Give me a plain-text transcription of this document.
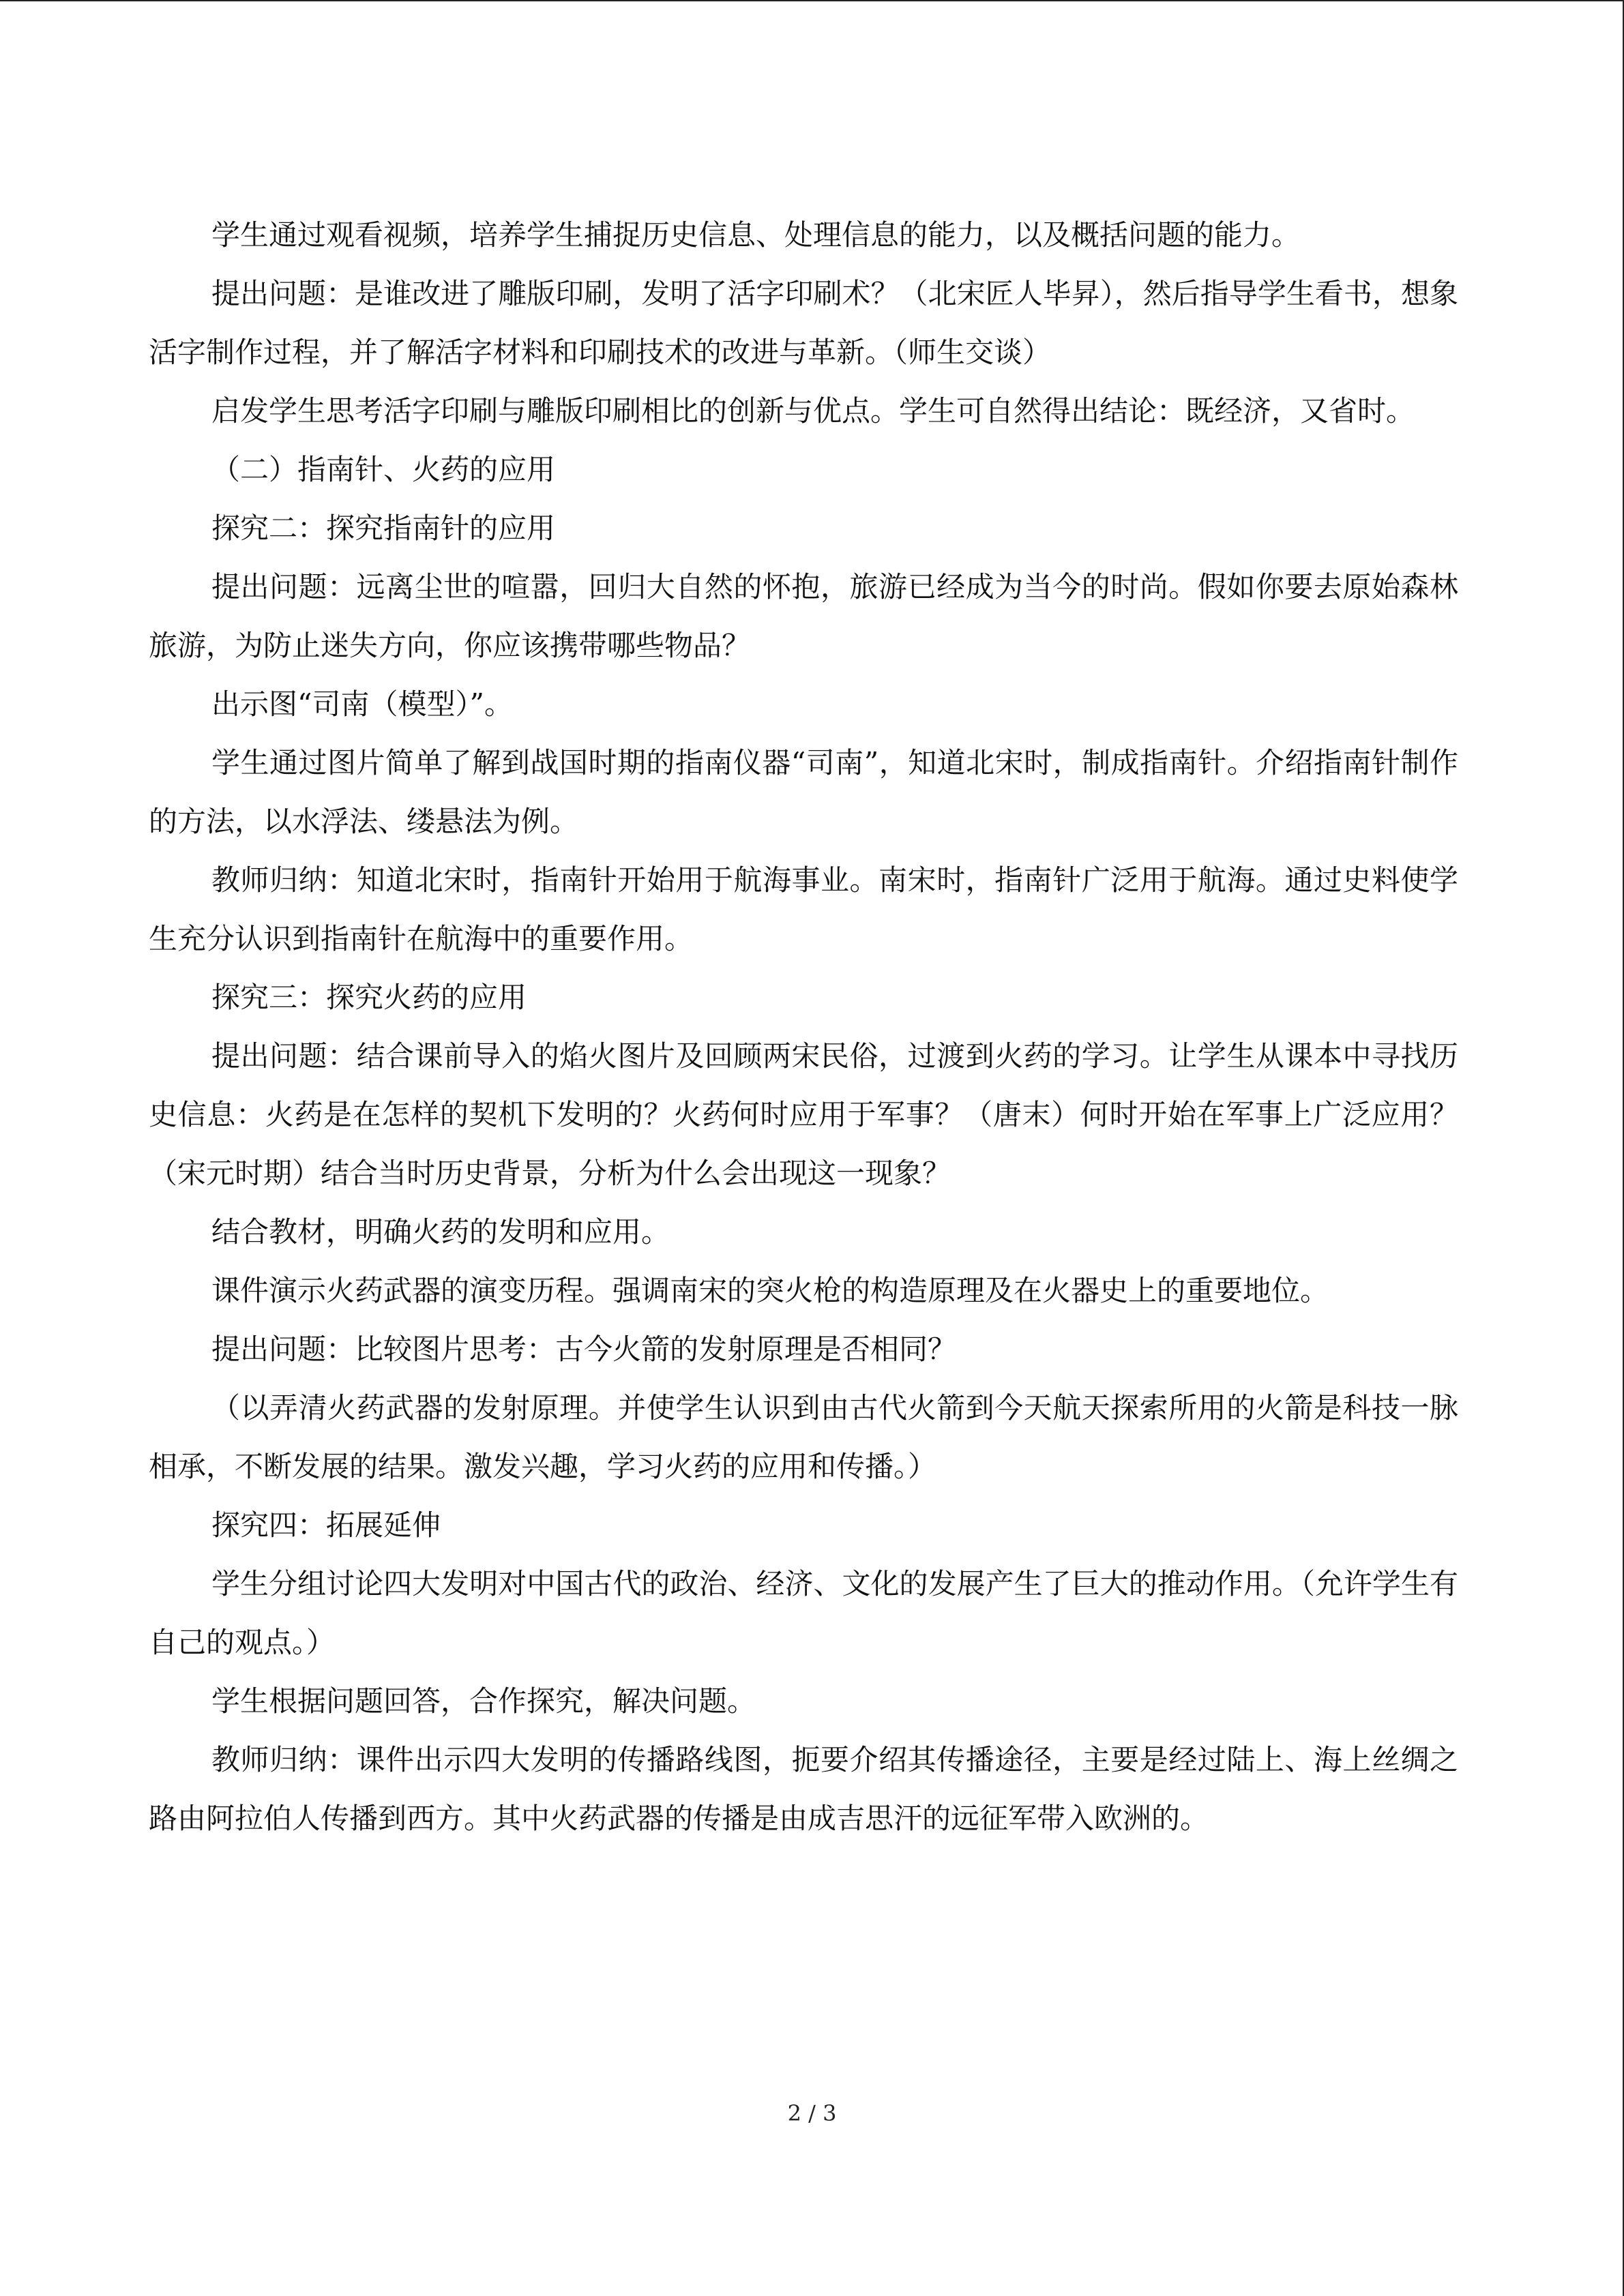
学生通过观看视频，培养学生捕捉历史信息、处理信息的能力，以及概括问题的能力。

提出问题：是谁改进了雕版印刷，发明了活字印刷术？（北宋匠人毕昇），然后指导学生看书，想象活字制作过程，并了解活字材料和印刷技术的改进与革新。（师生交谈）

启发学生思考活字印刷与雕版印刷相比的创新与优点。学生可自然得出结论：既经济，又省时。

（二）指南针、火药的应用

探究二：探究指南针的应用

提出问题：远离尘世的喧嚣，回归大自然的怀抱，旅游已经成为当今的时尚。假如你要去原始森林旅游，为防止迷失方向，你应该携带哪些物品？

出示图“司南（模型）”。

学生通过图片简单了解到战国时期的指南仪器“司南”，知道北宋时，制成指南针。介绍指南针制作的方法，以水浮法、缕悬法为例。

教师归纳：知道北宋时，指南针开始用于航海事业。南宋时，指南针广泛用于航海。通过史料使学生充分认识到指南针在航海中的重要作用。

探究三：探究火药的应用

提出问题：结合课前导入的焰火图片及回顾两宋民俗，过渡到火药的学习。让学生从课本中寻找历史信息：火药是在怎样的契机下发明的？火药何时应用于军事？（唐末）何时开始在军事上广泛应用？（宋元时期）结合当时历史背景，分析为什么会出现这一现象？

结合教材，明确火药的发明和应用。

课件演示火药武器的演变历程。强调南宋的突火枪的构造原理及在火器史上的重要地位。

提出问题：比较图片思考：古今火箭的发射原理是否相同？

（以弄清火药武器的发射原理。并使学生认识到由古代火箭到今天航天探索所用的火箭是科技一脉相承，不断发展的结果。激发兴趣，学习火药的应用和传播。）

探究四：拓展延伸

学生分组讨论四大发明对中国古代的政治、经济、文化的发展产生了巨大的推动作用。（允许学生有自己的观点。）

学生根据问题回答，合作探究，解决问题。

教师归纳：课件出示四大发明的传播路线图，扼要介绍其传播途径，主要是经过陆上、海上丝绸之路由阿拉伯人传播到西方。其中火药武器的传播是由成吉思汗的远征军带入欧洲的。

2 / 3
